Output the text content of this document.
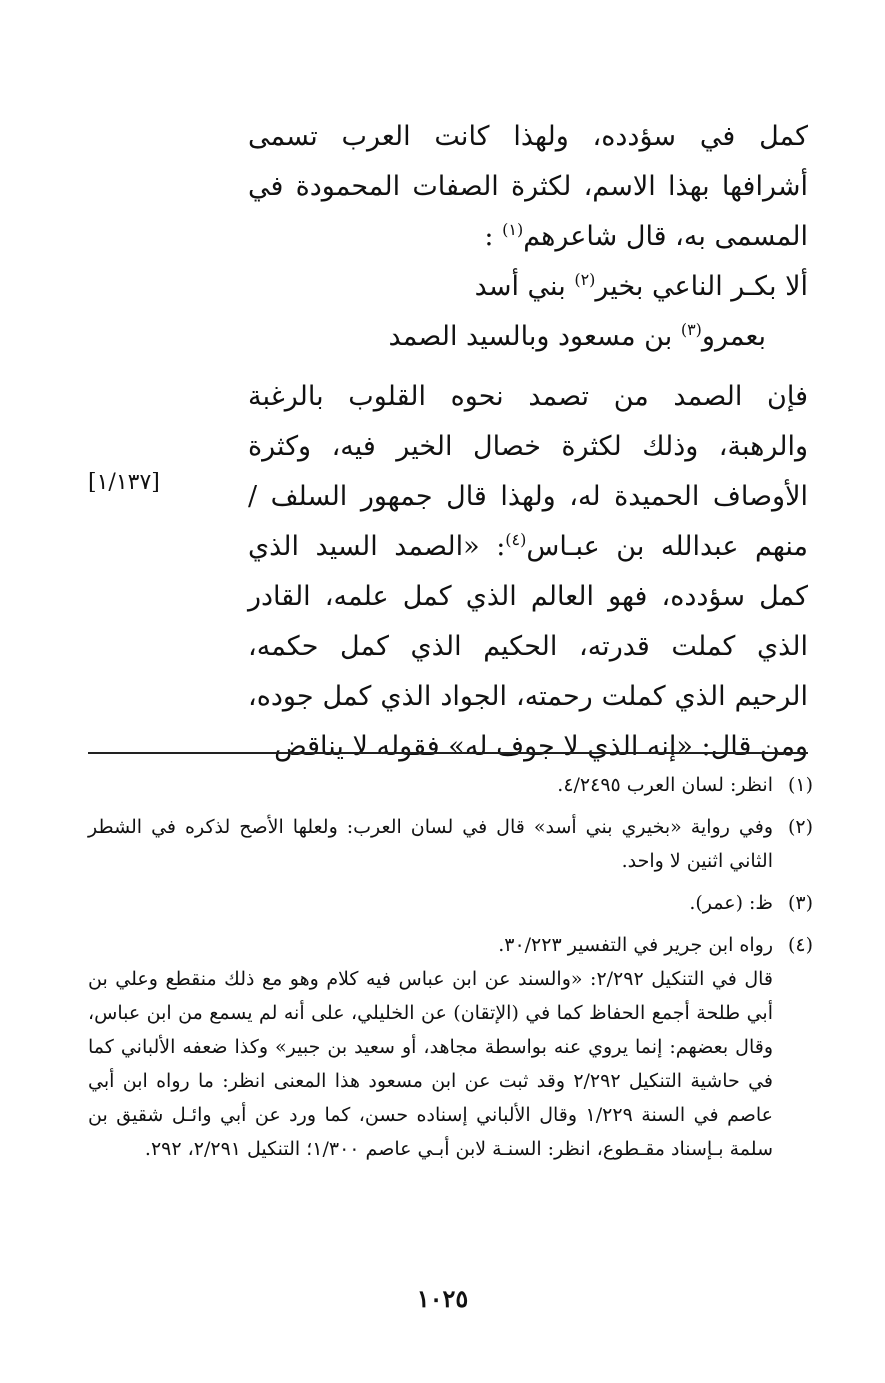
كمل في سؤدده، ولهذا كانت العرب تسمى أشرافها بهذا الاسم، لكثرة الصفات المحمودة في المسمى به، قال شاعرهم$^{(١)}$ :

ألا بكـر الناعي بخير$^{(٢)}$ بني أسد
بعمرو$^{(٣)}$ بن مسعود وبالسيد الصمد

فإن الصمد من تصمد نحوه القلوب بالرغبة والرهبة، وذلك لكثرة خصال الخير فيه، وكثرة الأوصاف الحميدة له، ولهذا قال جمهور السلف / منهم عبدالله بن عبـاس$^{(٤)}$: «الصمد السيد الذي كمل سؤدده، فهو العالم الذي كمل علمه، القادر الذي كملت قدرته، الحكيم الذي كمل حكمه، الرحيم الذي كملت رحمته، الجواد الذي كمل جوده، ومن قال: «إنه الذي لا جوف له» فقوله لا يناقض

[١/١٣٧]
(١)

انظر: لسان العرب ٤/٢٤٩٥.

(٢)

وفي رواية «بخيري بني أسد» قال في لسان العرب: ولعلها الأصح لذكره في الشطر الثاني اثنين لا واحد.

(٣)

ظ: (عمر).

(٤)

رواه ابن جرير في التفسير ٣٠/٢٢٣.

قال في التنكيل ٢/٢٩٢: «والسند عن ابن عباس فيه كلام وهو مع ذلك منقطع وعلي بن أبي طلحة أجمع الحفاظ كما في (الإتقان) عن الخليلي، على أنه لم يسمع من ابن عباس، وقال بعضهم: إنما يروي عنه بواسطة مجاهد، أو سعيد بن جبير» وكذا ضعفه الألباني كما في حاشية التنكيل ٢/٢٩٢ وقد ثبت عن ابن مسعود هذا المعنى انظر: ما رواه ابن أبي عاصم في السنة ١/٢٢٩ وقال الألباني إسناده حسن، كما ورد عن أبي وائـل شقيق بن سلمة بـإسناد مقـطوع، انظر: السنـة لابن أبـي عاصم ١/٣٠٠؛ التنكيل ٢/٢٩١، ٢٩٢.

١٠٢٥
